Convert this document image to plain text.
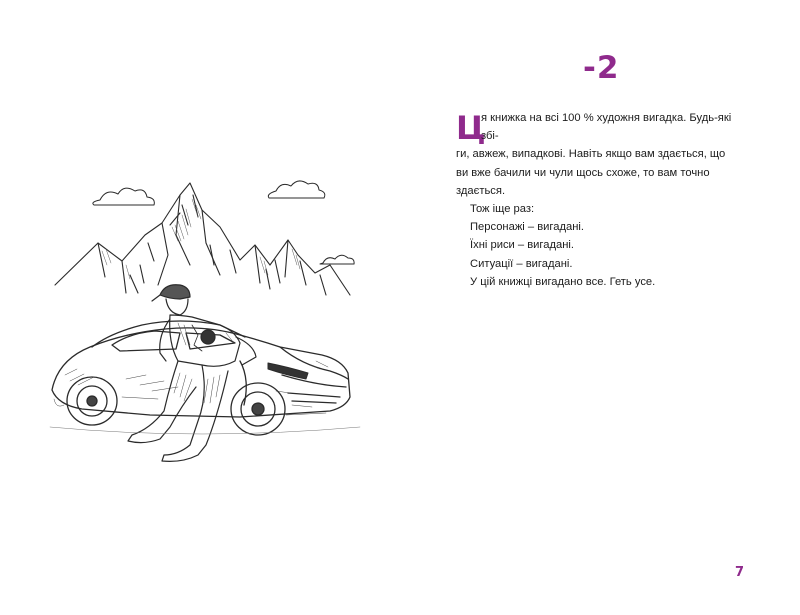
-2
Ц
я книжка на всі 100 % художня вигадка. Будь-які збі-
ги, авжеж, випадкові. Навіть якщо вам здається, що
ви вже бачили чи чули щось схоже, то вам точно здається.
Тож іще раз:
Персонажі – вигадані.
Їхні риси – вигадані.
Ситуації – вигадані.
У цій книжці вигадано все. Геть усе.
7
